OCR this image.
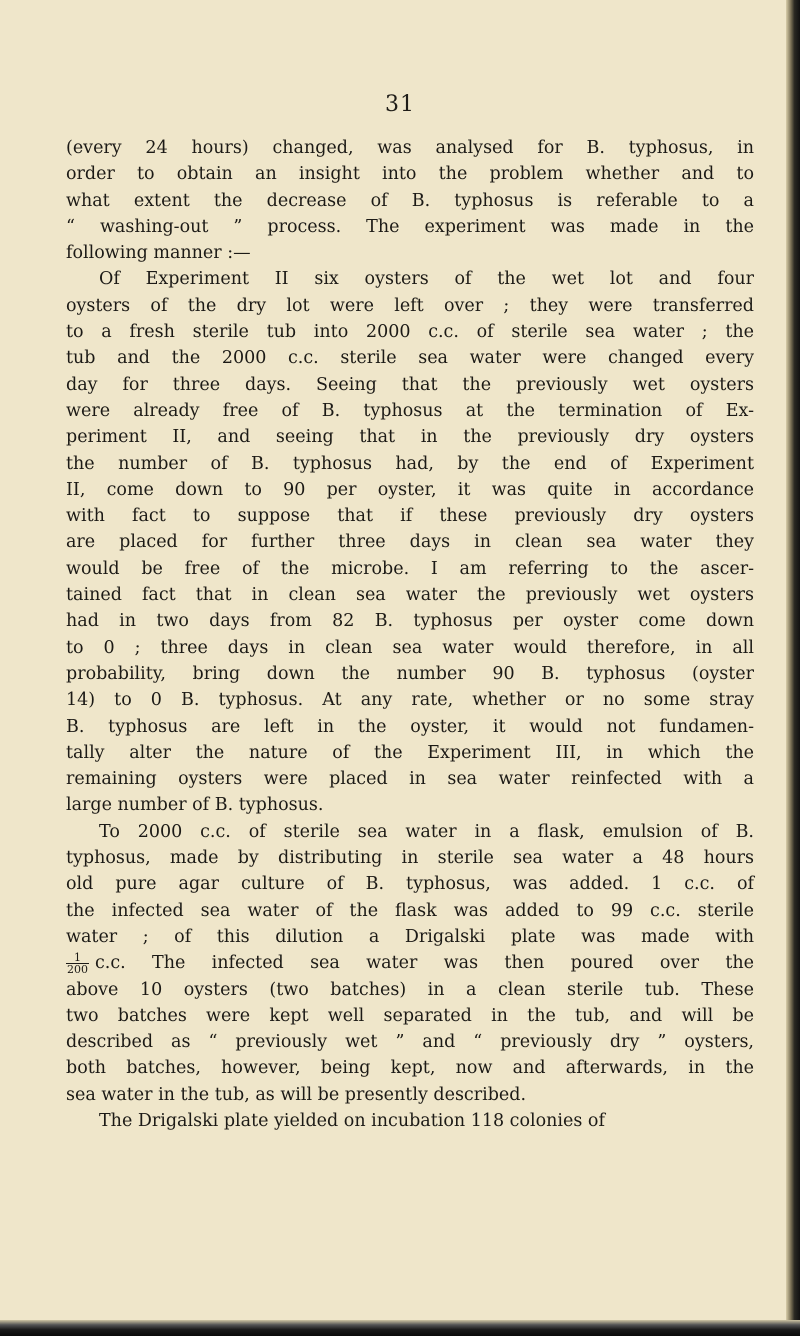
31
(every 24 hours) changed, was analysed for B. typhosus, in
order to obtain an insight into the problem whether and to
what extent the decrease of B. typhosus is referable to a
“ washing-out ” process. The experiment was made in the
following manner :—
Of Experiment II six oysters of the wet lot and four
oysters of the dry lot were left over ; they were transferred
to a fresh sterile tub into 2000 c.c. of sterile sea water ; the
tub and the 2000 c.c. sterile sea water were changed every
day for three days. Seeing that the previously wet oysters
were already free of B. typhosus at the termination of Ex-
periment II, and seeing that in the previously dry oysters
the number of B. typhosus had, by the end of Experiment
II, come down to 90 per oyster, it was quite in accordance
with fact to suppose that if these previously dry oysters
are placed for further three days in clean sea water they
would be free of the microbe. I am referring to the ascer-
tained fact that in clean sea water the previously wet oysters
had in two days from 82 B. typhosus per oyster come down
to 0 ; three days in clean sea water would therefore, in all
probability, bring down the number 90 B. typhosus (oyster
14) to 0 B. typhosus. At any rate, whether or no some stray
B. typhosus are left in the oyster, it would not fundamen-
tally alter the nature of the Experiment III, in which the
remaining oysters were placed in sea water reinfected with a
large number of B. typhosus.
To 2000 c.c. of sterile sea water in a flask, emulsion of B.
typhosus, made by distributing in sterile sea water a 48 hours
old pure agar culture of B. typhosus, was added. 1 c.c. of
the infected sea water of the flask was added to 99 c.c. sterile
water ; of this dilution a Drigalski plate was made with
$\frac{1}{200} c.c$. The infected sea water was then poured over the
above 10 oysters (two batches) in a clean sterile tub. These
two batches were kept well separated in the tub, and will be
described as “ previously wet ” and “ previously dry ” oysters,
both batches, however, being kept, now and afterwards, in the
sea water in the tub, as will be presently described.
The Drigalski plate yielded on incubation 118 colonies of
